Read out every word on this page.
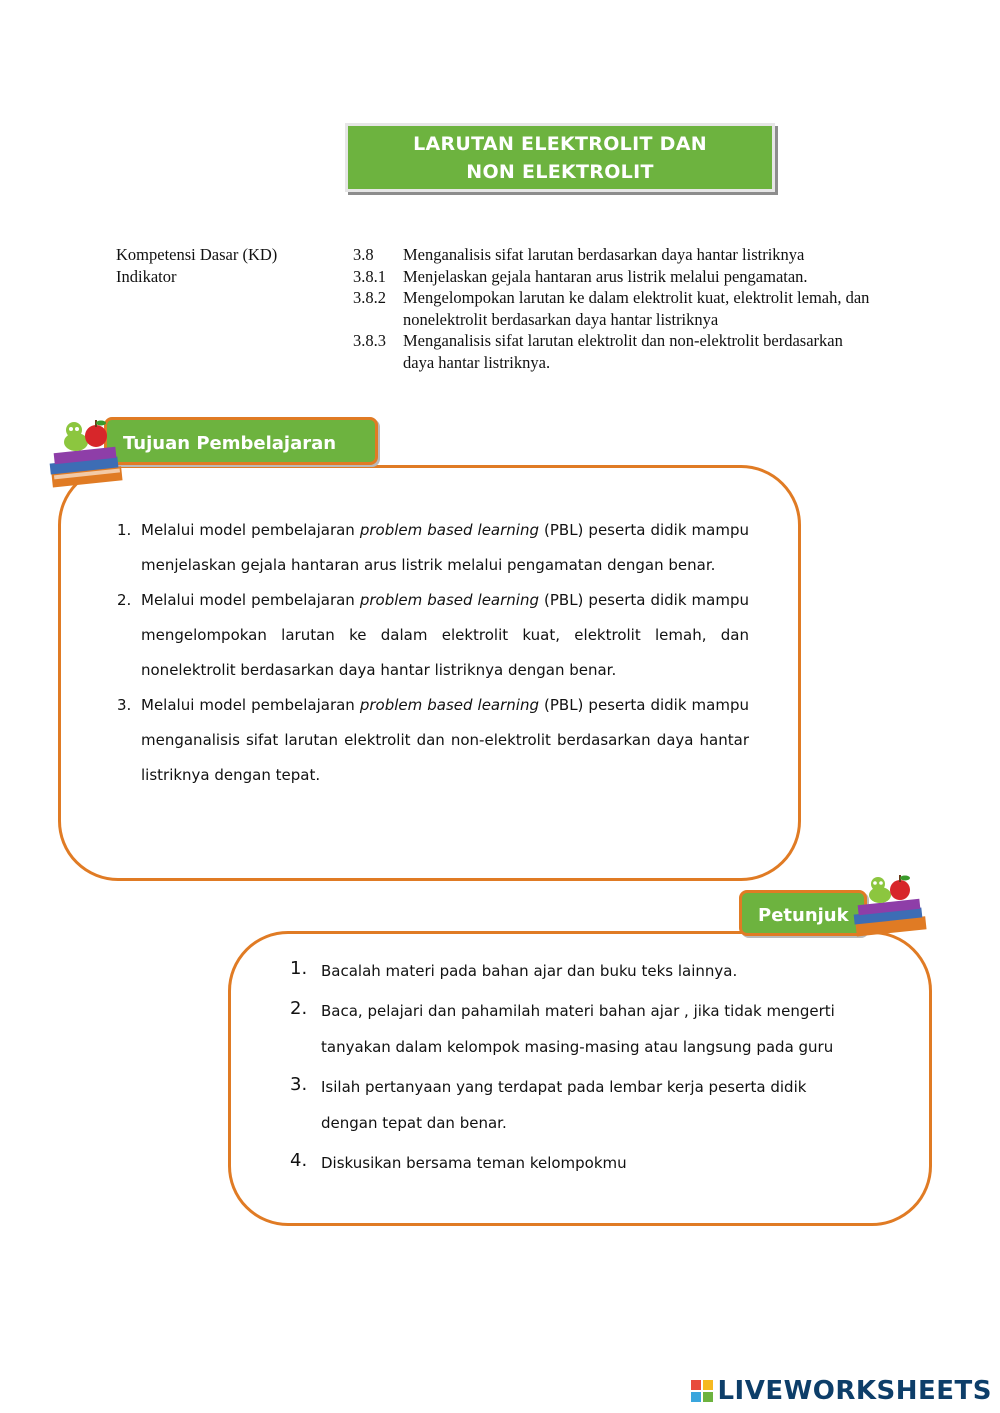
LARUTAN ELEKTROLIT DAN
NON ELEKTROLIT
Kompetensi Dasar (KD)
Indikator
3.8 Menganalisis sifat larutan berdasarkan daya hantar listriknya
3.8.1 Menjelaskan gejala hantaran arus listrik melalui pengamatan.
3.8.2 Mengelompokan larutan ke dalam elektrolit kuat, elektrolit lemah, dan nonelektrolit berdasarkan daya hantar listriknya
3.8.3 Menganalisis sifat larutan elektrolit dan non-elektrolit berdasarkan daya hantar listriknya.
Tujuan Pembelajaran
1. Melalui model pembelajaran problem based learning (PBL) peserta didik mampu menjelaskan gejala hantaran arus listrik melalui pengamatan dengan benar.
2. Melalui model pembelajaran problem based learning (PBL) peserta didik mampu mengelompokan larutan ke dalam elektrolit kuat, elektrolit lemah, dan nonelektrolit berdasarkan daya hantar listriknya dengan benar.
3. Melalui model pembelajaran problem based learning (PBL) peserta didik mampu menganalisis sifat larutan elektrolit dan non-elektrolit berdasarkan daya hantar listriknya dengan tepat.
Petunjuk
1. Bacalah materi pada bahan ajar dan buku teks lainnya.
2. Baca, pelajari dan pahamilah materi bahan ajar , jika tidak mengerti tanyakan dalam kelompok masing-masing atau langsung pada guru
3. Isilah pertanyaan yang terdapat pada lembar kerja peserta didik dengan tepat dan benar.
4. Diskusikan bersama teman kelompokmu
LIVEWORKSHEETS
